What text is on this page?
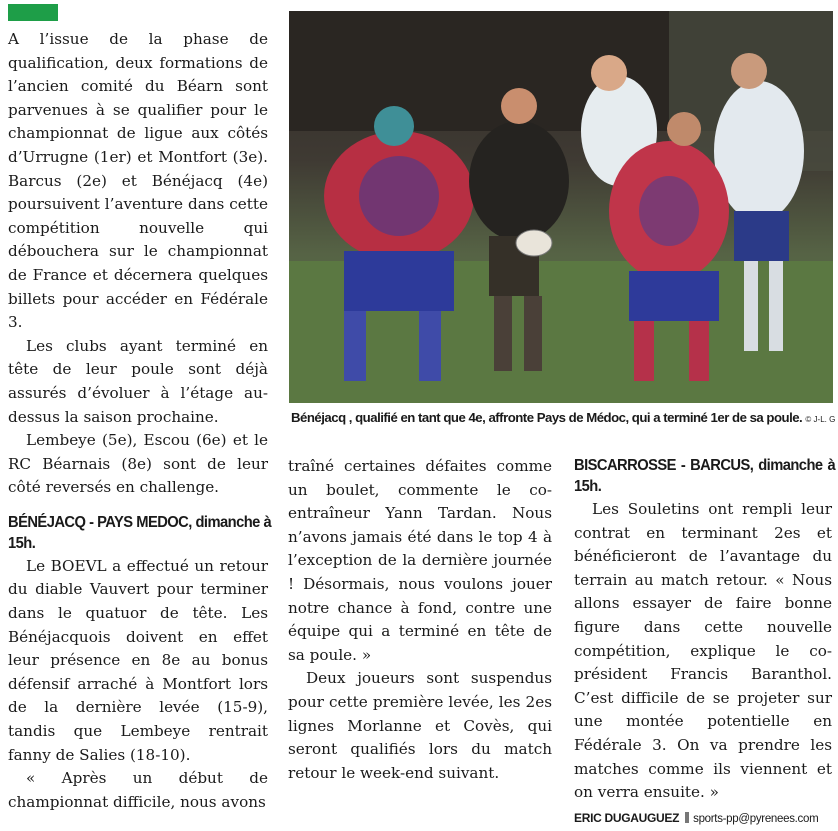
A l’issue de la phase de qualification, deux formations de l’ancien comité du Béarn sont parvenues à se qualifier pour le championnat de ligue aux côtés d’Urrugne (1er) et Montfort (3e). Barcus (2e) et Bénéjacq (4e) poursuivent l’aventure dans cette compétition nouvelle qui débouchera sur le championnat de France et décernera quelques billets pour accéder en Fédérale 3.

Les clubs ayant terminé en tête de leur poule sont déjà assurés d’évoluer à l’étage au-dessus la saison prochaine.

Lembeye (5e), Escou (6e) et le RC Béarnais (8e) sont de leur côté reversés en challenge.

BÉNÉJACQ - PAYS MEDOC, dimanche à 15h.

Le BOEVL a effectué un retour du diable Vauvert pour terminer dans le quatuor de tête. Les Bénéjacquois doivent en effet leur présence en 8e au bonus défensif arraché à Montfort lors de la dernière levée (15-9), tandis que Lembeye rentrait fanny de Salies (18-10).

« Après un début de championnat difficile, nous avons

Bénéjacq , qualifié en tant que 4e, affronte Pays de Médoc, qui a terminé 1er de sa poule. © J-L. G

traîné certaines défaites comme un boulet, commente le co-entraîneur Yann Tardan. Nous n’avons jamais été dans le top 4 à l’exception de la dernière journée ! Désormais, nous voulons jouer notre chance à fond, contre une équipe qui a terminé en tête de sa poule. »

Deux joueurs sont suspendus pour cette première levée, les 2es lignes Morlanne et Covès, qui seront qualifiés lors du match retour le week-end suivant.

BISCARROSSE - BARCUS, dimanche à 15h.

Les Souletins ont rempli leur contrat en terminant 2es et bénéficieront de l’avantage du terrain au match retour. « Nous allons essayer de faire bonne figure dans cette nouvelle compétition, explique le co-président Francis Baranthol. C’est difficile de se projeter sur une montée potentielle en Fédérale 3. On va prendre les matches comme ils viennent et on verra ensuite. »

ERIC DUGAUGUEZ sports-pp@pyrenees.com
